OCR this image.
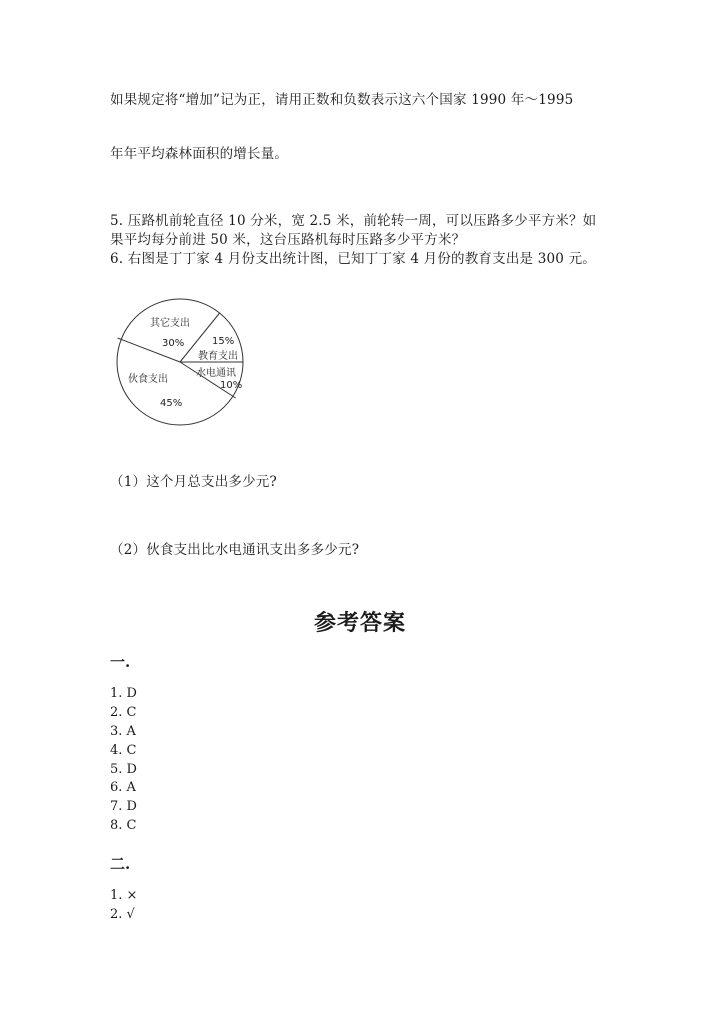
如果规定将“增加”记为正，请用正数和负数表示这六个国家 1990 年～1995
年年平均森林面积的增长量。
5. 压路机前轮直径 10 分米，宽 2.5 米，前轮转一周，可以压路多少平方米？如
果平均每分前进 50 米，这台压路机每时压路多少平方米？
6. 右图是丁丁家 4 月份支出统计图，已知丁丁家 4 月份的教育支出是 300 元。
其它支出
30%	15%
教育支出
水电通讯
10%
伙食支出
45%
（1）这个月总支出多少元?
（2）伙食支出比水电通讯支出多多少元?
参考答案
一.
1. D
2. C
3. A
4. C
5. D
6. A
7. D
8. C
二.
1. ×
2. √
